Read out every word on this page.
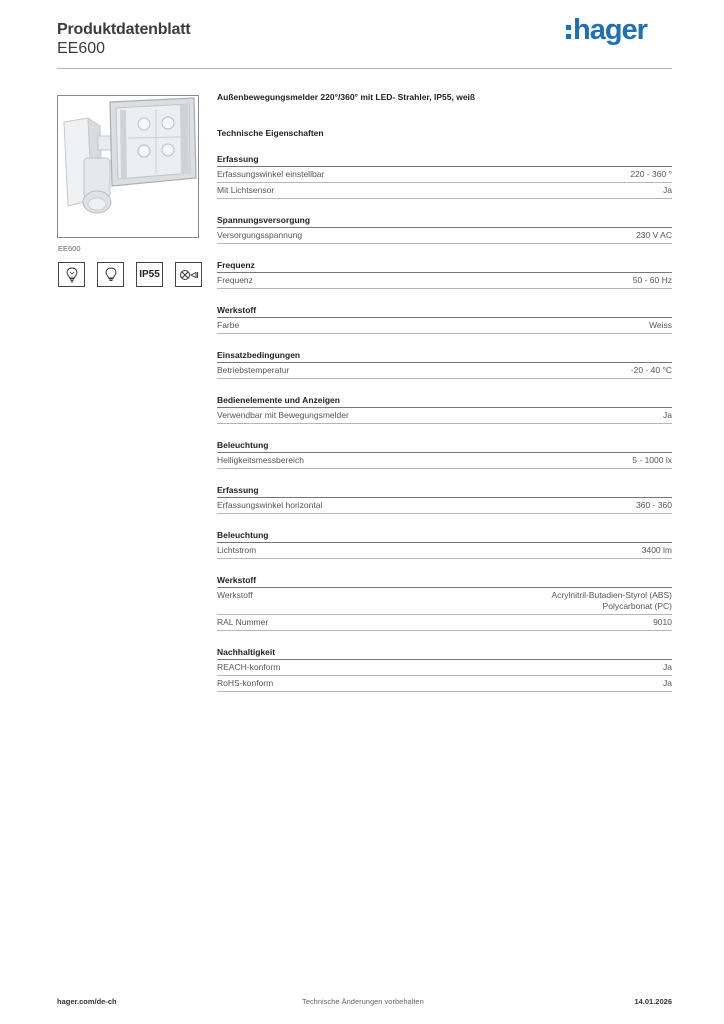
Produktdatenblatt
EE600
hager
EE600
IP55
Außenbewegungsmelder 220°/360° mit LED- Strahler, IP55, weiß
Technische Eigenschaften
Erfassung
Erfassungswinkel einstellbar	220 - 360 °
Mit Lichtsensor	Ja
Spannungsversorgung
Versorgungsspannung	230 V AC
Frequenz
Frequenz	50 - 60 Hz
Werkstoff
Farbe	Weiss
Einsatzbedingungen
Betriebstemperatur	-20 - 40 °C
Bedienelemente und Anzeigen
Verwendbar mit Bewegungsmelder	Ja
Beleuchtung
Helligkeitsmessbereich	5 - 1000 lx
Erfassung
Erfassungswinkel horizontal	360 - 360
Beleuchtung
Lichtstrom	3400 lm
Werkstoff
Werkstoff	Acrylnitril-Butadien-Styrol (ABS)
Polycarbonat (PC)
RAL Nummer	9010
Nachhaltigkeit
REACH-konform	Ja
RoHS-konform	Ja
hager.com/de-ch	Technische Änderungen vorbehalten	14.01.2026
